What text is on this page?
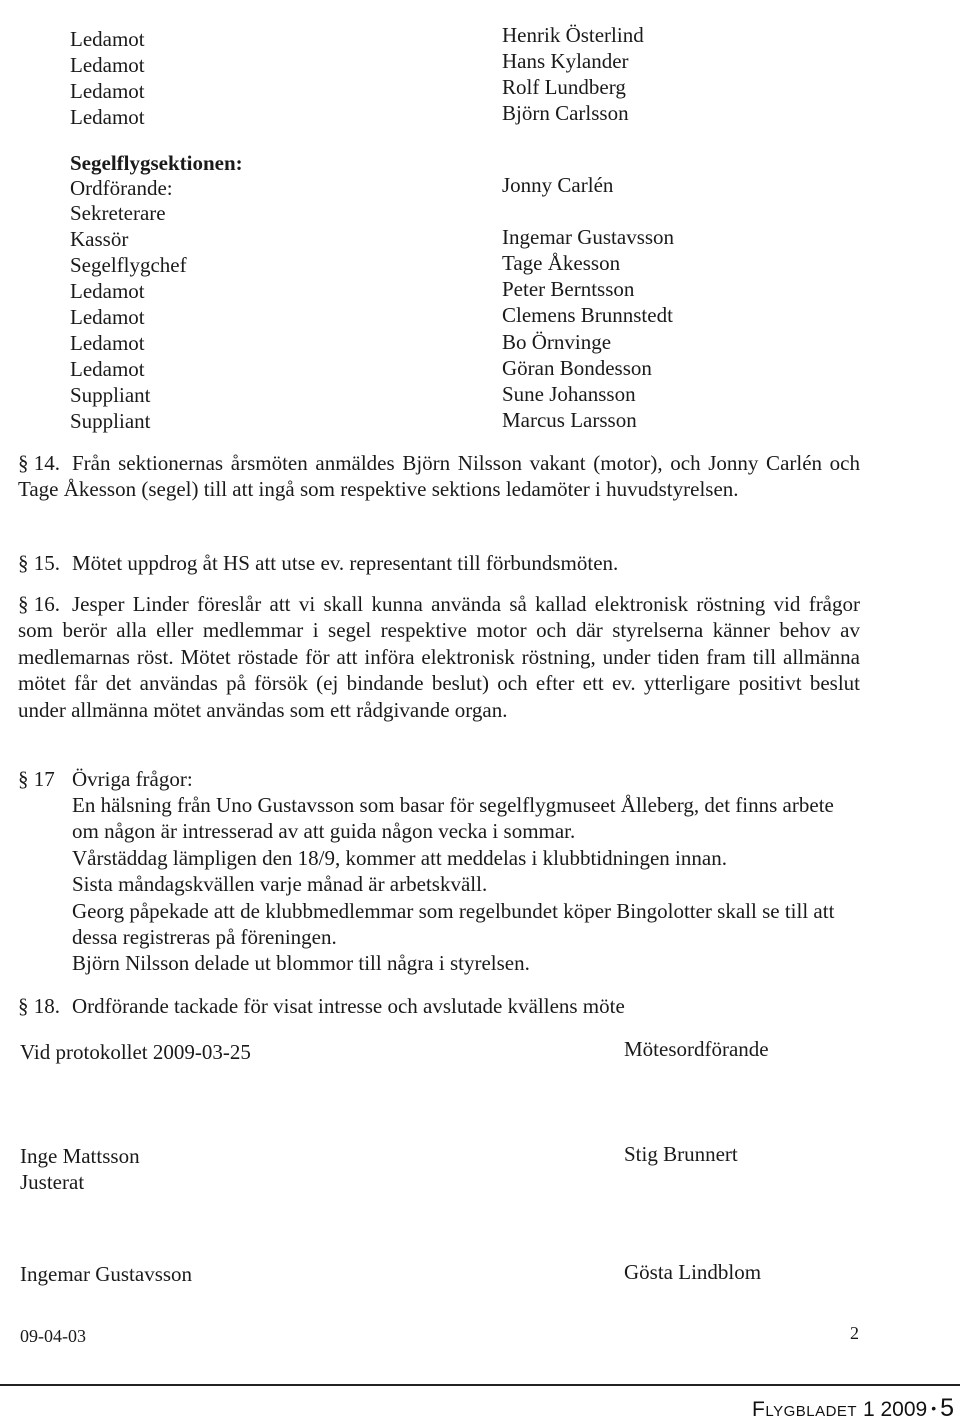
Ledamot	Henrik Österlind
Ledamot	Hans Kylander
Ledamot	Rolf Lundberg
Ledamot	Björn Carlsson
Segelflygsektionen:
Ordförande:	Jonny Carlén
Sekreterare
Kassör	Ingemar Gustavsson
Segelflygchef	Tage Åkesson
Ledamot	Peter Berntsson
Ledamot	Clemens Brunnstedt
Ledamot	Bo Örnvinge
Ledamot	Göran Bondesson
Suppliant	Sune Johansson
Suppliant	Marcus Larsson
§ 14. Från sektionernas årsmöten anmäldes Björn Nilsson vakant (motor), och Jonny Carlén och Tage Åkesson (segel) till att ingå som respektive sektions ledamöter i huvudstyrelsen.
§ 15. Mötet uppdrog åt HS att utse ev. representant till förbundsmöten.
§ 16. Jesper Linder föreslår att vi skall kunna använda så kallad elektronisk röstning vid frågor som berör alla eller medlemmar i segel respektive motor och där styrelserna känner behov av medlemarnas röst. Mötet röstade för att införa elektronisk röstning, under tiden fram till allmänna mötet får det användas på försök (ej bindande beslut) och efter ett ev. ytterligare positivt beslut under allmänna mötet användas som ett rådgivande organ.
§ 17 Övriga frågor:
En hälsning från Uno Gustavsson som basar för segelflygmuseet Ålleberg, det finns arbete om någon är intresserad av att guida någon vecka i sommar.
Vårstäddag lämpligen den 18/9, kommer att meddelas i klubbtidningen innan.
Sista måndagskvällen varje månad är arbetskväll.
Georg påpekade att de klubbmedlemmar som regelbundet köper Bingolotter skall se till att dessa registreras på föreningen.
Björn Nilsson delade ut blommor till några i styrelsen.
§ 18. Ordförande tackade för visat intresse och avslutade kvällens möte
Vid protokollet 2009-03-25	Mötesordförande
Inge Mattsson	Stig Brunnert
Justerat
Ingemar Gustavsson	Gösta Lindblom
09-04-03	2
Flygbladet 1 2009 • 5
